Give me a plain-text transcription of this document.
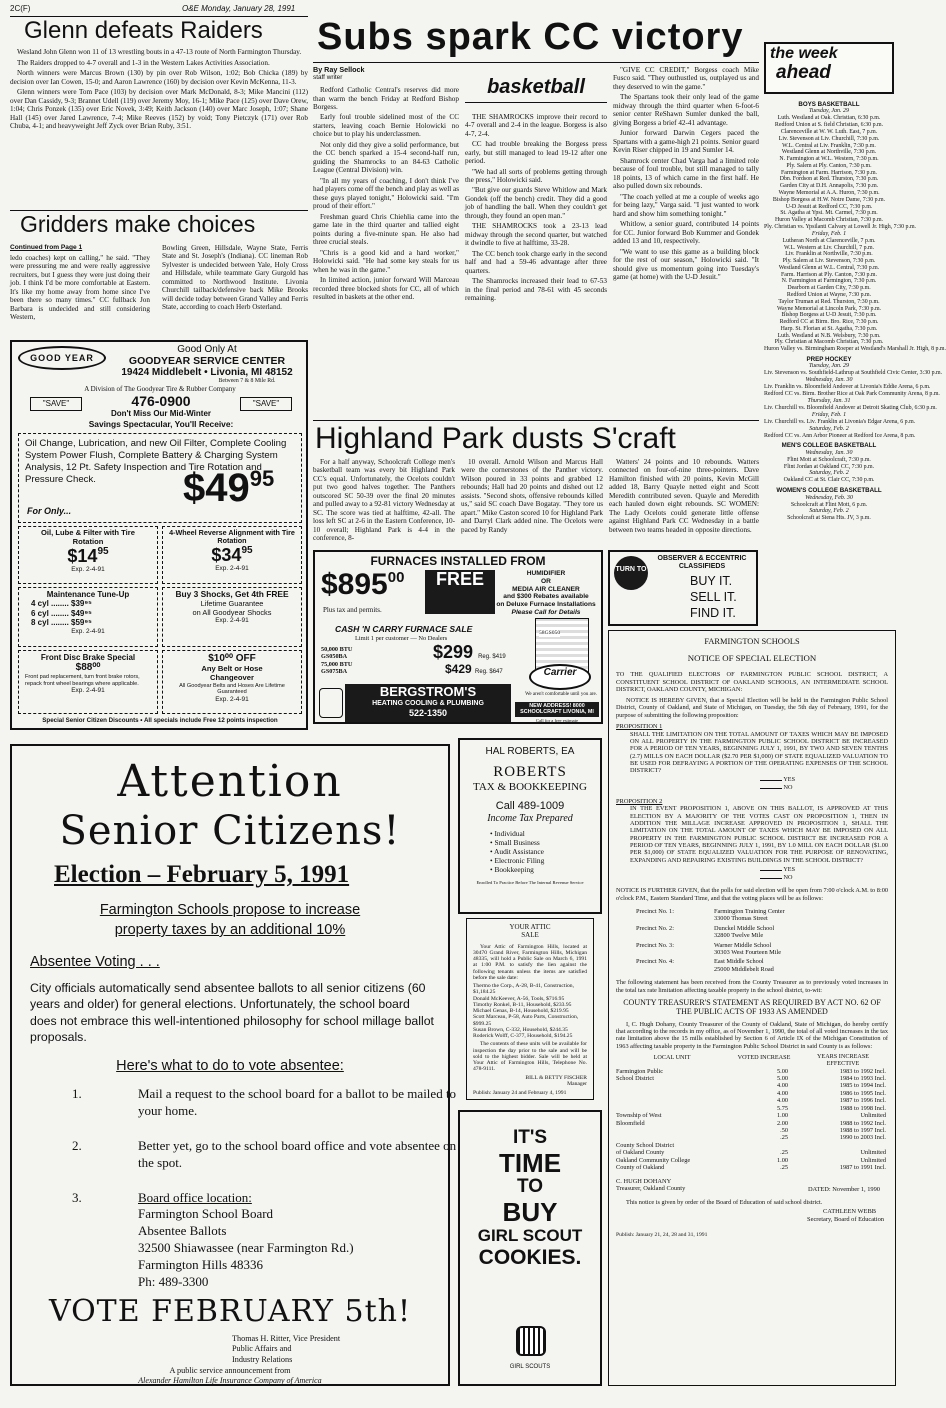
2C(F)	O&E Monday, January 28, 1991
Glenn defeats Raiders

Wesland John Glenn won 11 of 13 wrestling bouts in a 47-13 route of North Farmington Thursday.

The Raiders dropped to 4-7 overall and 1-3 in the Western Lakes Activities Association.

North winners were Marcus Brown (130) by pin over Rob Wilson, 1:02; Bob Chicka (189) by decision over Ian Cowen, 15-0; and Aaron Lawrence (160) by decision over Kevin McKenna, 11-3.

Glenn winners were Tom Pace (103) by decision over Mark McDonald, 8-3; Mike Mancini (112) over Dan Cassidy, 9-3; Brannet Udell (119) over Jeremy Moy, 16-1; Mike Pace (125) over Dave Orew, 1:04; Chris Ponzek (135) over Eric Novek, 3:49; Keith Jackson (140) over Marc Joseph, 1:07; Shane Hall (145) over Jared Lawrence, 7-4; Mike Reeves (152) by void; Tony Pietczyk (171) over Rob Chuba, 4-1; and heavyweight Jeff Zyck over Brian Ruby, 3:51.

Gridders make choices
Continued from Page 1

ledo coaches) kept on calling," he said. "They were pressuring me and were really aggressive recruiters, but I guess they were just doing their job. I think I'd be more comfortable at Eastern. It's like my home away from home since I've been there so many times." CC fullback Jon Barbara is undecided and still considering Western,

Bowling Green, Hillsdale, Wayne State, Ferris State and St. Joseph's (Indiana). CC lineman Rob Sylvester is undecided between Yale, Holy Cross and Hillsdale, while teammate Gary Gurgold has committed to Northwood Institute. Livonia Churchill tailback/defensive back Mike Brooks will decide today between Grand Valley and Ferris State, according to coach Herb Osterland.

GOOD YEAR
Good Only At
GOODYEAR SERVICE CENTER
19424 Middlebelt • Livonia, MI 48152
Between 7 & 8 Mile Rd.
A Division of The Goodyear Tire & Rubber Company
"SAVE"	476-0900	"SAVE"
Don't Miss Our Mid-Winter
Savings Spectacular, You'll Receive:
Oil Change, Lubrication, and new Oil Filter, Complete Cooling System Power Flush, Complete Battery & Charging System Analysis, 12 Pt. Safety Inspection and Tire Rotation and Pressure Check.
For Only...
$\$49^{95}$
Oil, Lube & Filter with Tire Rotation
$\$14^{95}$
Exp. 2-4-91
4-Wheel Reverse Alignment with Tire Rotation
$\$34^{95}$
Exp. 2-4-91
Maintenance Tune-Up
4 cyl ........ $39⁹⁵
6 cyl ........ $49⁹⁵
8 cyl ........ $59⁹⁵
Exp. 2-4-91
Buy 3 Shocks, Get 4th FREE
Lifetime Guarantee
on All Goodyear Shocks
Exp. 2-4-91
Front Disc Brake Special
$88⁰⁰
Front pad replacement, turn front brake rotors, repack front wheel bearings where applicable.
Exp. 2-4-91
$10⁰⁰ OFF
Any Belt or Hose
Changeover
All Goodyear Belts and Hoses Are Lifetime Guaranteed
Exp. 2-4-91
Special Senior Citizen Discounts • All specials include Free 12 points inspection
Subs spark CC victory
By Ray Sellock
staff writer

Redford Catholic Central's reserves did more than warm the bench Friday at Redford Bishop Borgess.

Early foul trouble sidelined most of the CC starters, leaving coach Bernie Holowicki no choice but to play his underclassmen.

Not only did they give a solid performance, but the CC bench sparked a 15-4 second-half run, guiding the Shamrocks to an 84-63 Catholic League (Central Division) win.

"In all my years of coaching, I don't think I've had players come off the bench and play as well as these guys played tonight," Holowicki said. "I'm proud of their effort."

Freshman guard Chris Chiehlia came into the game late in the third quarter and tallied eight points during a five-minute span. He also had three crucial steals.

"Chris is a good kid and a hard worker," Holowicki said. "He had some key steals for us when he was in the game."

In limited action, junior forward Will Marceau recorded three blocked shots for CC, all of which resulted in baskets at the other end.

basketball

THE SHAMROCKS improve their record to 4-7 overall and 2-4 in the league. Borgess is also 4-7, 2-4.

CC had trouble breaking the Borgess press early, but still managed to lead 19-12 after one period.

"We had all sorts of problems getting through the press," Holowicki said.

"But give our guards Steve Whitlow and Mark Gondek (off the bench) credit. They did a good job of handling the ball. When they couldn't get through, they found an open man."

THE SHAMROCKS took a 23-13 lead midway through the second quarter, but watched it dwindle to five at halftime, 33-28.

The CC bench took charge early in the second half and had a 59-46 advantage after three quarters.

The Shamrocks increased their lead to 67-53 in the final period and 78-61 with 45 seconds remaining.

"GIVE CC CREDIT," Borgess coach Mike Fusco said. "They outhustled us, outplayed us and they deserved to win the game."

The Spartans took their only lead of the game midway through the third quarter when 6-foot-6 senior center ReShawn Sumler dunked the ball, giving Borgess a brief 42-41 advantage.

Junior forward Darwin Cegers paced the Spartans with a game-high 21 points. Senior guard Kevin Riser chipped in 19 and Sumler 14.

Shamrock center Chad Varga had a limited role because of foul trouble, but still managed to tally 18 points, 13 of which came in the first half. He also pulled down six rebounds.

"The coach yelled at me a couple of weeks ago for being lazy," Varga said. "I just wanted to work hard and show him something tonight."

Whitlow, a senior guard, contributed 14 points for CC. Junior forward Bob Kummer and Gondek added 13 and 10, respectively.

"We want to use this game as a building block for the rest of our season," Holowicki said. "It should give us momentum going into Tuesday's game (at home) with the U-D Jesuit."

the week
ahead
BOYS BASKETBALL
Tuesday, Jan. 29
Luth. Westland at Oak. Christian, 6:30 p.m.
Redford Union at S. field Christian, 6:30 p.m.
Clarenceville at W. W. Luth. East, 7 p.m.
Liv. Stevenson at Liv. Churchill, 7:30 p.m.
W.L. Central at Liv. Franklin, 7:30 p.m.
Westland Glenn at Northville, 7:30 p.m.
N. Farmington at W.L. Western, 7:30 p.m.
Ply. Salem at Ply. Canton, 7:30 p.m.
Farmington at Farm. Harrison, 7:30 p.m.
Dbn. Fordson at Red. Thurston, 7:30 p.m.
Garden City at D.H. Annapolis, 7:30 p.m.
Wayne Memorial at A.A. Huron, 7:30 p.m.
Bishop Borgess at H.W. Notre Dame, 7:30 p.m.
U-D Jesuit at Redford CC, 7:30 p.m.
St. Agatha at Ypsi. Mt. Carmel, 7:30 p.m.
Huron Valley at Macomb Christian, 7:30 p.m.
Ply. Christian vs. Ypsilanti Calvary at Lowell Jr. High, 7:30 p.m.
Friday, Feb. 1
Lutheran North at Clarenceville, 7 p.m.
W.L. Western at Liv. Churchill, 7 p.m.
Liv. Franklin at Northville, 7:30 p.m.
Ply. Salem at Liv. Stevenson, 7:30 p.m.
Westland Glenn at W.L. Central, 7:30 p.m.
Farm. Harrison at Ply. Canton, 7:30 p.m.
N. Farmington at Farmington, 7:30 p.m.
Dearborn at Garden City, 7:30 p.m.
Redford Union at Wayne, 7:30 p.m.
Taylor Truman at Red. Thurston, 7:30 p.m.
Wayne Memorial at Lincoln Park, 7:30 p.m.
Bishop Borgess at U-D Jesuit, 7:30 p.m.
Redford CC at Birm. Bro. Rice, 7:30 p.m.
Harp. St. Florian at St. Agatha, 7:30 p.m.
Luth. Westland at N.B. Welsbury, 7:30 p.m.
Ply. Christian at Macomb Christian, 7:30 p.m.
Huron Valley vs. Birmingham Roeper at Westland's Marshall Jr. High, 8 p.m.
PREP HOCKEY
Tuesday, Jan. 29
Liv. Stevenson vs. Southfield-Lathrup at Southfield Civic Center, 3:30 p.m.
Wednesday, Jan. 30
Liv. Franklin vs. Bloomfield Andover at Livonia's Eddie Arena, 6 p.m.
Redford CC vs. Birm. Brother Rice at Oak Park Community Arena, 8 p.m.
Thursday, Jan. 31
Liv. Churchill vs. Bloomfield Andover at Detroit Skating Club, 6:30 p.m.
Friday, Feb. 1
Liv. Churchill vs. Liv. Franklin at Livonia's Edgar Arena, 6 p.m.
Saturday, Feb. 2
Redford CC vs. Ann Arbor Pioneer at Redford Ice Arena, 8 p.m.
MEN'S COLLEGE BASKETBALL
Wednesday, Jan. 30
Flint Mott at Schoolcraft, 7:30 p.m.
Flint Jordan at Oakland CC, 7:30 p.m.
Saturday, Feb. 2
Oakland CC at St. Clair CC, 7:30 p.m.
WOMEN'S COLLEGE BASKETBALL
Wednesday, Feb. 30
Schoolcraft at Flint Mott, 6 p.m.
Saturday, Feb. 2
Schoolcraft at Siena Hts. JV, 3 p.m.
Highland Park dusts S'craft

For a half anyway, Schoolcraft College men's basketball team was every bit Highland Park CC's equal. Unfortunately, the Ocelots couldn't put two good halves together. The Panthers outscored SC 50-39 over the final 20 minutes and pulled away to a 92-81 victory Wednesday at SC. The score was tied at halftime, 42-all. The loss left SC at 2-6 in the Eastern Conference, 10-10 overall; Highland Park is 4-4 in the conference, 8-

10 overall. Arnold Wilson and Marcus Hall were the cornerstones of the Panther victory. Wilson poured in 33 points and grabbed 12 rebounds; Hall had 20 points and dished out 12 assists. "Second shots, offensive rebounds killed us," said SC coach Dave Bogatay. "They tore us apart." Mike Caston scored 10 for Highland Park and Darryl Clark added nine. The Ocelots were paced by Randy

Watters' 24 points and 10 rebounds. Watters connected on four-of-nine three-pointers. Dave Hamilton finished with 20 points, Kevin McGill added 18, Barry Quayle netted eight and Scott Meredith contributed seven. Quayle and Meredith each hauled down eight rebounds. SC WOMEN: The Lady Ocelots could generate little offense against Highland Park CC Wednesday in a battle between two teams headed in opposite directions.

FURNACES INSTALLED FROM
$\$895^{00}$	FREE	HUMIDIFIER
OR
MEDIA AIR CLEANER
and $300 Rebates available
on Deluxe Furnace Installations
Please Call for Details
Plus tax and permits.
CASH 'N CARRY FURNACE SALE
Limit 1 per customer — No Dealers
58GS050
50,000 BTU
GS050BA
75,000 BTU
GS075BA
$299 Reg. $419
$429 Reg. $647	Carrier
We aren't comfortable until you are.
BERGSTROM'S
HEATING COOLING & PLUMBING
522-1350
NEW ADDRESS! 8000 SCHOOLCRAFT LIVONIA, MI
Call for a free estimate
TURN TO
OBSERVER & ECCENTRIC CLASSIFIEDS
BUY IT.
SELL IT.
FIND IT.
FARMINGTON SCHOOLS
NOTICE OF SPECIAL ELECTION

TO THE QUALIFIED ELECTORS OF FARMINGTON PUBLIC SCHOOL DISTRICT, A CONSTITUENT SCHOOL DISTRICT OF OAKLAND SCHOOLS, AN INTERMEDIATE SCHOOL DISTRICT, OAKLAND COUNTY, MICHIGAN:

NOTICE IS HEREBY GIVEN, that a Special Election will be held in the Farmington Public School District, County of Oakland, and State of Michigan, on Tuesday, the 5th day of February, 1991, for the purpose of submitting the following proposition:

PROPOSITION 1

SHALL THE LIMITATION ON THE TOTAL AMOUNT OF TAXES WHICH MAY BE IMPOSED ON ALL PROPERTY IN THE FARMINGTON PUBLIC SCHOOL DISTRICT BE INCREASED FOR A PERIOD OF TEN YEARS, BEGINNING JULY 1, 1991, BY TWO AND SEVEN TENTHS (2.7) MILLS ON EACH DOLLAR ($2.70 PER $1,000) OF STATE EQUALIZED VALUATION TO BE USED FOR DEFRAYING A PORTION OF THE OPERATING EXPENSES OF THE SCHOOL DISTRICT?

YES
NO
PROPOSITION 2

IN THE EVENT PROPOSITION 1, ABOVE ON THIS BALLOT, IS APPROVED AT THIS ELECTION BY A MAJORITY OF THE VOTES CAST ON PROPOSITION 1, THEN IN ADDITION THE MILLAGE INCREASE APPROVED IN PROPOSITION 1, SHALL THE LIMITATION ON THE TOTAL AMOUNT OF TAXES WHICH MAY BE IMPOSED ON ALL PROPERTY IN THE FARMINGTON PUBLIC SCHOOL DISTRICT BE INCREASED FOR A PERIOD OF TEN YEARS, BEGINNING JULY 1, 1991, BY 1.0 MILL ON EACH DOLLAR ($1.00 PER $1,000) OF STATE EQUALIZED VALUATION FOR THE PURPOSE OF RENOVATING, EXPANDING AND REPAIRING EXISTING BUILDINGS IN THE SCHOOL DISTRICT?

YES
NO

NOTICE IS FURTHER GIVEN, that the polls for said election will be open from 7:00 o'clock A.M. to 8:00 o'clock P.M., Eastern Standard Time, and that the voting places will be as follows:

Precinct No. 1:	Farmington Training Center
33000 Thomas Street
Precinct No. 2:	Dunckel Middle School
32800 Twelve Mile
Precinct No. 3:	Warner Middle School
30303 West Fourteen Mile
Precinct No. 4:	East Middle School
25000 Middlebelt Road

The following statement has been received from the County Treasurer as to previously voted increases in the total tax rate limitation affecting taxable property in the school district, to-wit:

COUNTY TREASURER'S STATEMENT AS REQUIRED BY ACT NO. 62 OF THE PUBLIC ACTS OF 1933 AS AMENDED

I, C. Hugh Dohany, County Treasurer of the County of Oakland, State of Michigan, do hereby certify that according to the records in my office, as of November 1, 1990, the total of all voted increases in the tax rate limitation above the 15 mills established by Section 6 of Article IX of the Michigan Constitution of 1963 affecting taxable property in the Farmington Public School District in said County is as follows:

LOCAL UNIT	VOTED INCREASE	YEARS INCREASE EFFECTIVE
Farmington Public	5.00	1983 to 1992 Incl.
School District	5.00	1984 to 1993 Incl.
4.00	1985 to 1994 Incl.
4.00	1986 to 1995 Incl.
4.00	1987 to 1996 Incl.
5.75	1988 to 1998 Incl.
Township of West	1.00	Unlimited
Bloomfield	2.00	1988 to 1992 Incl.
.50	1988 to 1997 Incl.
.25	1990 to 2003 Incl.
County School District
of Oakland County	.25	Unlimited
Oakland Community College	1.00	Unlimited
County of Oakland	.25	1987 to 1991 Incl.
C. HUGH DOHANY
Treasurer, Oakland County	DATED: November 1, 1990

This notice is given by order of the Board of Education of said school district.

CATHLEEN WEBB
Secretary, Board of Education
Publish: January 21, 24, 28 and 31, 1991
Attention
Senior Citizens!
Election – February 5, 1991
Farmington Schools propose to increase
property taxes by an additional 10%
Absentee Voting . . .
City officials automatically send absentee ballots to all senior citizens (60 years and older) for general elections. Unfortunately, the school board does not embrace this well-intentioned philosophy for school millage ballot proposals.
Here's what to do to vote absentee:
1.	Mail a request to the school board for a ballot to be mailed to your home.
2.	Better yet, go to the school board office and vote absentee on the spot.
3.	Board office location:
Farmington School Board
Absentee Ballots
32500 Shiawassee (near Farmington Rd.)
Farmington Hills 48336
Ph: 489-3300
VOTE FEBRUARY 5th!
Thomas H. Ritter, Vice President
Public Affairs and
Industry Relations
A public service announcement from
Alexander Hamilton Life Insurance Company of America
HAL ROBERTS, EA
ROBERTS
TAX & BOOKKEEPING
Call 489-1009
Income Tax Prepared
• Individual
• Small Business
• Audit Assistance
• Electronic Filing
• Bookkeeping
Enrolled To Practice Before The Internal Revenue Service
YOUR ATTIC
SALE

Your Attic of Farmington Hills, located at 30470 Grand River, Farmington Hills, Michigan 48335, will hold a Public Sale on March 6, 1991 at 1:00 P.M. to satisfy the lien against the following tenants unless the items are satisfied before the sale date:

Thermo the Corp., A-28, B-41, Construction, $1,184.25
Donald McKeever, A-56, Tools, $716.95
Timothy Ronkel, B-11, Household, $233.95
Michael Genas, B-14, Household, $219.95
Scott Marceau, P-58, Auto Parts, Construction, $999.25
Susan Brown, C-332, Household, $244.35
Roderick Wolff, C-377, Household, $194.25

The contents of these units will be available for inspection the day prior to the sale and will be sold to the highest bidder. Sale will be held at Your Attic of Farmington Hills, Telephone No. 478-9111.

BILL & BETTY FISCHER
Manager
Publish: January 24 and February 4, 1991
IT'S
TIME
TO
BUY
GIRL SCOUT
COOKIES.
GIRL SCOUTS
